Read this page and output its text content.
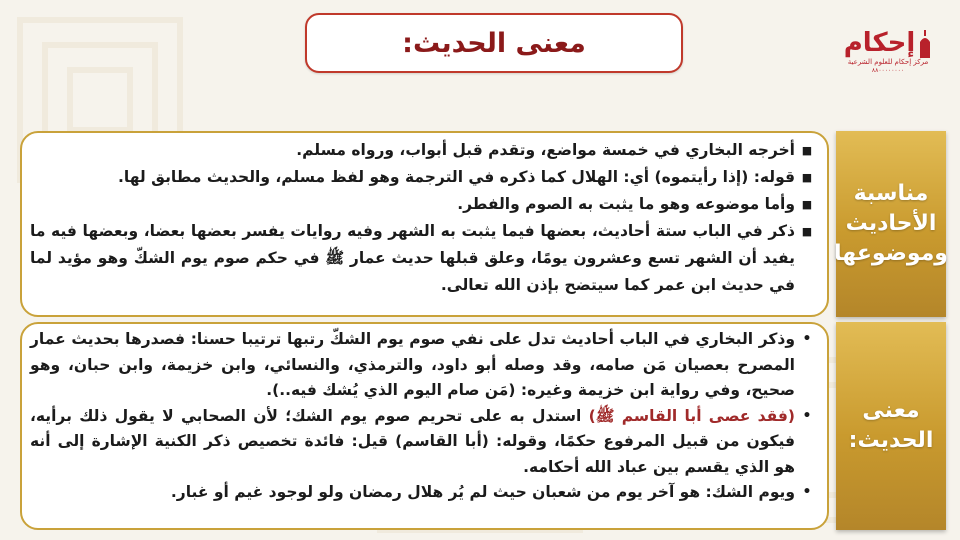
معنى الحديث:	إحكام
مركز إحكام للعلوم الشرعية
٨٨٠٠٠٠٠٠٠٠
■
أخرجه البخاري في خمسة مواضع، وتقدم قبل أبواب، ورواه مسلم.
■
قوله: (إذا رأيتموه) أي: الهلال كما ذكره في الترجمة وهو لفظ مسلم، والحديث مطابق لها.
■
وأما موضوعه وهو ما يثبت به الصوم والفطر.
■
ذكر في الباب ستة أحاديث، بعضها فيما يثبت به الشهر وفيه روايات يفسر بعضها بعضا، وبعضها فيه ما يفيد أن الشهر تسع وعشرون يومًا، وعلق قبلها حديث عمار ﷺ في حكم صوم يوم الشكّ وهو مؤيد لما في حديث ابن عمر كما سيتضح بإذن الله تعالى.
مناسبة
الأحاديث
وموضوعها
•
وذكر البخاري في الباب أحاديث تدل على نفي صوم يوم الشكّ رتبها ترتيبا حسنا: فصدرها بحديث عمار المصرح بعصيان مَن صامه، وقد وصله أبو داود، والترمذي، والنسائي، وابن خزيمة، وابن حبان، وهو صحيح، وفي رواية ابن خزيمة وغيره: (مَن صام اليوم الذي يُشك فيه..).
•
(فقد عصى أبا القاسم ﷺ) استدل به على تحريم صوم يوم الشك؛ لأن الصحابي لا يقول ذلك برأيه، فيكون من قبيل المرفوع حكمًا، وقوله: (أبا القاسم) قيل: فائدة تخصيص ذكر الكنية الإشارة إلى أنه هو الذي يقسم بين عباد الله أحكامه.
•
ويوم الشك: هو آخر يوم من شعبان حيث لم يُر هلال رمضان ولو لوجود غيم أو غبار.
معنى
الحديث:
